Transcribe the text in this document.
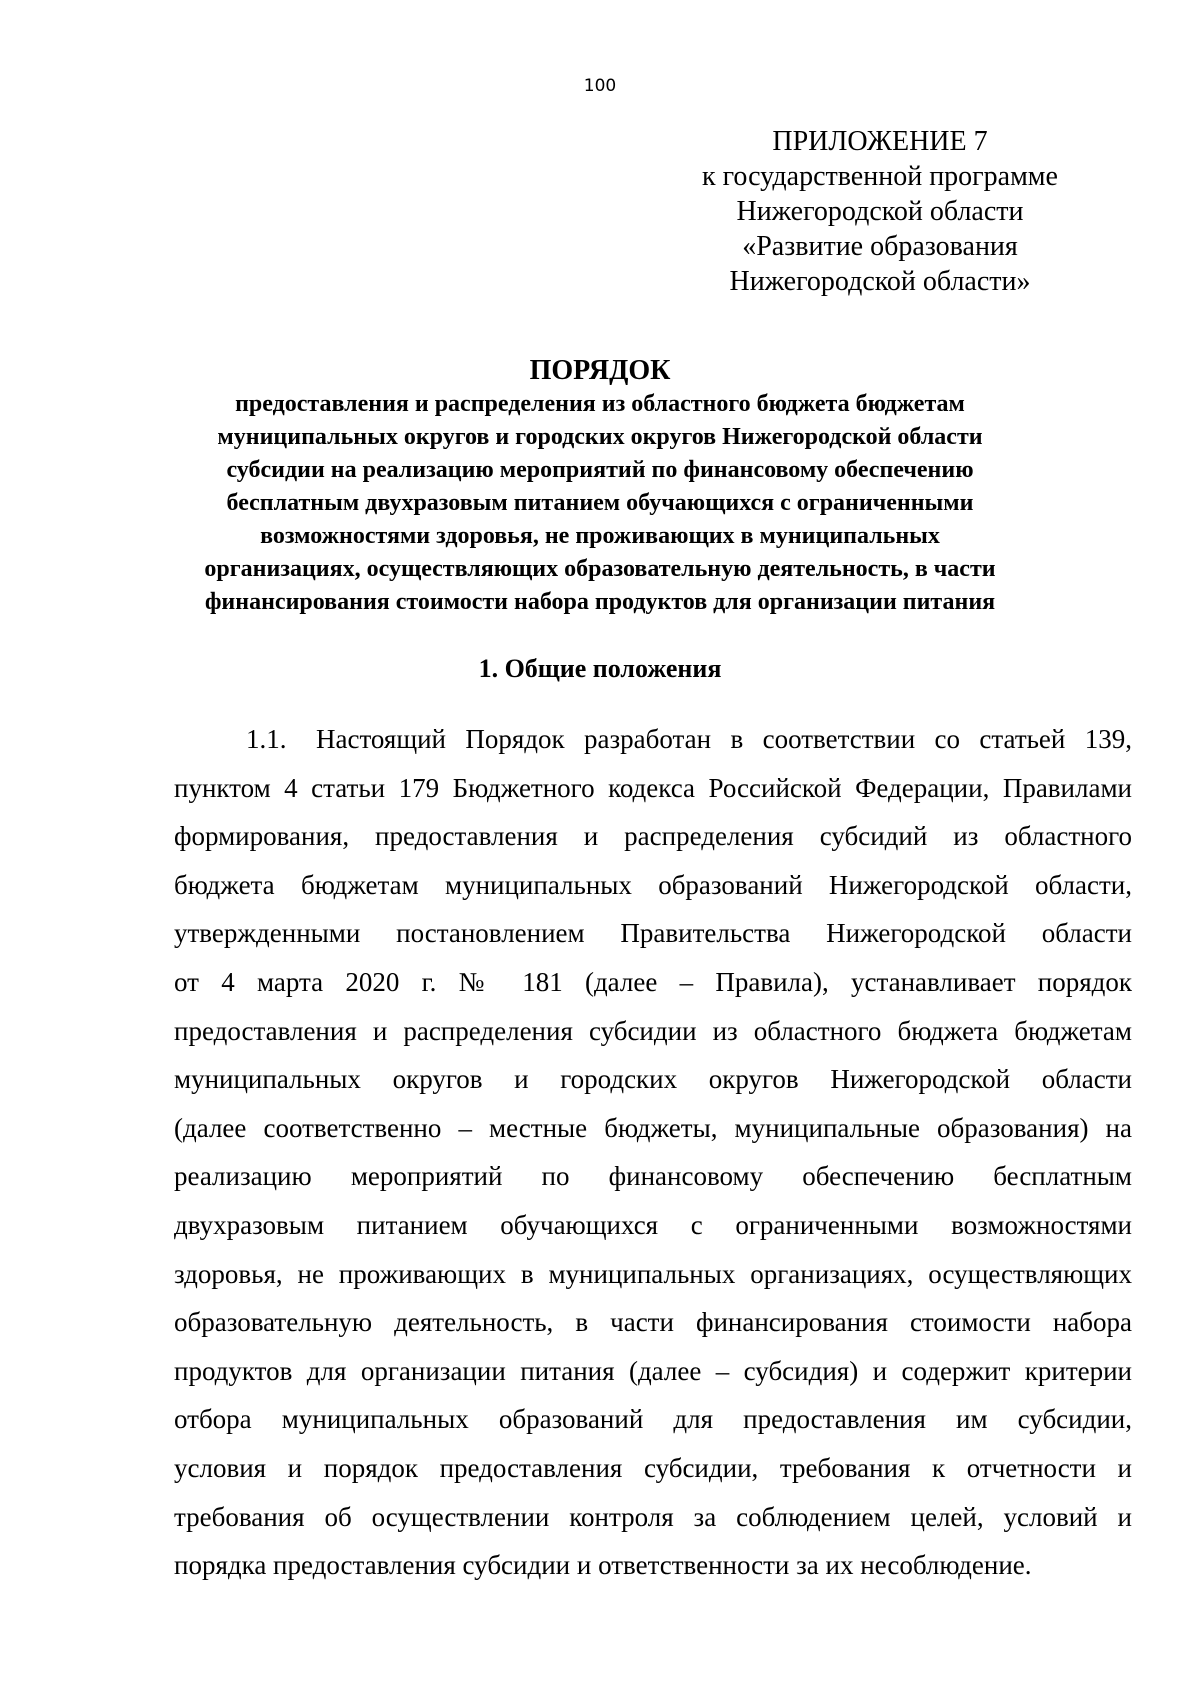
100
ПРИЛОЖЕНИЕ 7
к государственной программе
Нижегородской области
«Развитие образования
Нижегородской области»
ПОРЯДОК
предоставления и распределения из областного бюджета бюджетам
муниципальных округов и городских округов Нижегородской области
субсидии на реализацию мероприятий по финансовому обеспечению
бесплатным двухразовым питанием обучающихся с ограниченными
возможностями здоровья, не проживающих в муниципальных
организациях, осуществляющих образовательную деятельность, в части
финансирования стоимости набора продуктов для организации питания
1. Общие положения
1.1. Настоящий Порядок разработан в соответствии со статьей 139,
пунктом 4 статьи 179 Бюджетного кодекса Российской Федерации, Правилами
формирования, предоставления и распределения субсидий из областного
бюджета бюджетам муниципальных образований Нижегородской области,
утвержденными постановлением Правительства Нижегородской области
от 4 марта 2020 г. № 181 (далее – Правила), устанавливает порядок
предоставления и распределения субсидии из областного бюджета бюджетам
муниципальных округов и городских округов Нижегородской области
(далее соответственно – местные бюджеты, муниципальные образования) на
реализацию мероприятий по финансовому обеспечению бесплатным
двухразовым питанием обучающихся с ограниченными возможностями
здоровья, не проживающих в муниципальных организациях, осуществляющих
образовательную деятельность, в части финансирования стоимости набора
продуктов для организации питания (далее – субсидия) и содержит критерии
отбора муниципальных образований для предоставления им субсидии,
условия и порядок предоставления субсидии, требования к отчетности и
требования об осуществлении контроля за соблюдением целей, условий и
порядка предоставления субсидии и ответственности за их несоблюдение.
